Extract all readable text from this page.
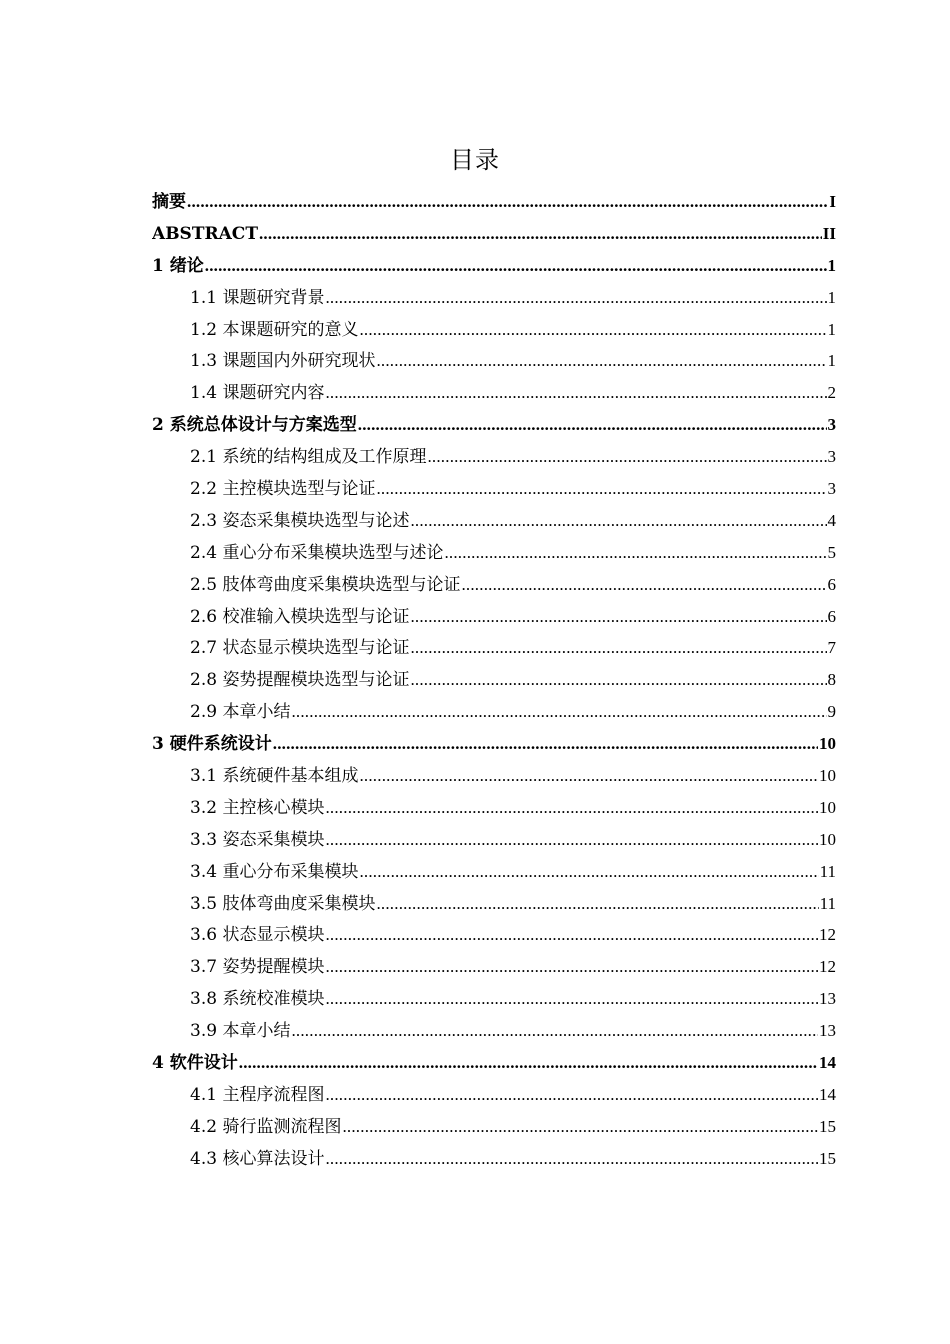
目录
摘要 .....	I
ABSTRACT .....	II
1 绪论 .....	1
1.1 课题研究背景 .....	1
1.2 本课题研究的意义 .....	1
1.3 课题国内外研究现状 .....	1
1.4 课题研究内容 .....	2
2 系统总体设计与方案选型 .....	3
2.1 系统的结构组成及工作原理 .....	3
2.2 主控模块选型与论证 .....	3
2.3 姿态采集模块选型与论述 .....	4
2.4 重心分布采集模块选型与述论 .....	5
2.5 肢体弯曲度采集模块选型与论证 .....	6
2.6 校准输入模块选型与论证 .....	6
2.7 状态显示模块选型与论证 .....	7
2.8 姿势提醒模块选型与论证 .....	8
2.9 本章小结 .....	9
3 硬件系统设计 .....	10
3.1 系统硬件基本组成 .....	10
3.2 主控核心模块 .....	10
3.3 姿态采集模块 .....	10
3.4 重心分布采集模块 .....	11
3.5 肢体弯曲度采集模块 .....	11
3.6 状态显示模块 .....	12
3.7 姿势提醒模块 .....	12
3.8 系统校准模块 .....	13
3.9 本章小结 .....	13
4 软件设计 .....	14
4.1 主程序流程图 .....	14
4.2 骑行监测流程图 .....	15
4.3 核心算法设计 .....	15
